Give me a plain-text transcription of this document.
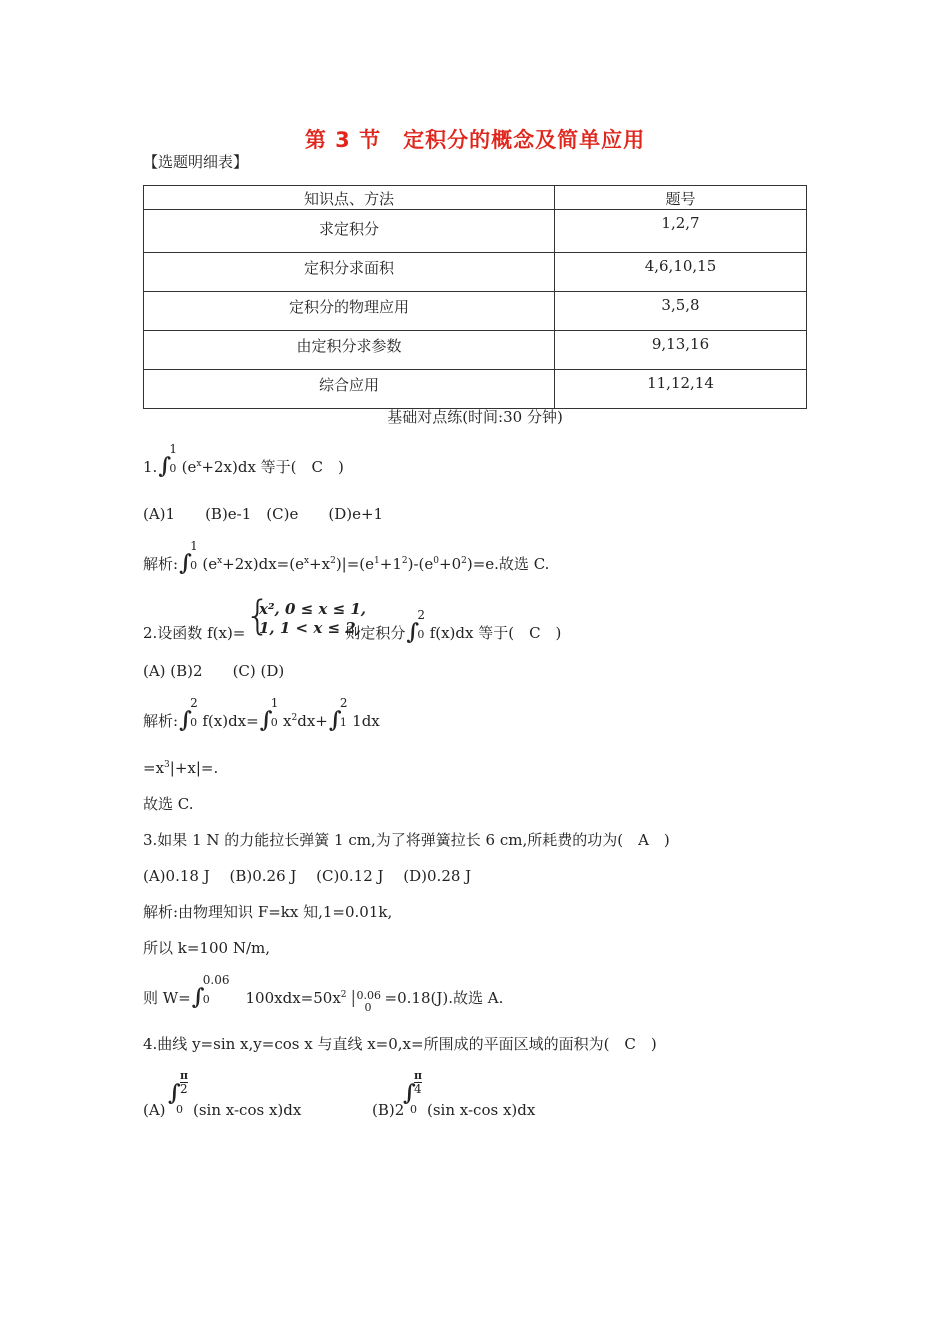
第 3 节　定积分的概念及简单应用
【选题明细表】
知识点、方法	题号
求定积分	1,2,7
定积分求面积	4,6,10,15
定积分的物理应用	3,5,8
由定积分求参数	9,13,16
综合应用	11,12,14
基础对点练(时间:30 分钟)
1.∫
1
0 $(e^x+2x)dx$ 等于(　C　)
(A)1　　(B)e-1　(C)e　　(D)e+1
解析:∫
1
0 $(e^x+2x)dx=(e^x+x^2)|=(e^1+1^2)-(e^0+0^2)=e$.故选 C.
2.设函数 f(x)=	则定积分∫
2
0 f(x)dx 等于(　C　)
{
x², 0 ≤ x ≤ 1,
1, 1 < x ≤ 2,
(A) (B)2　　(C) (D)
解析:∫
2
0 f(x)dx=∫
1
0 $x^2dx+\int$
2
1 1dx
$=x^3|+x|=$.
故选 C.
3.如果 1 N 的力能拉长弹簧 1 cm,为了将弹簧拉长 6 cm,所耗费的功为(　A　)
(A)0.18 J　 (B)0.26 J　 (C)0.12 J　 (D)0.28 J
解析:由物理知识 F=kx 知,1=0.01k,
所以 k=100 N/m,
则 W=∫
0.06
0 $100xdx=50x^2$ | 0.06
0
=0.18(J).故选 A.
4.曲线 y=sin x,y=cos x 与直线 x=0,x=所围成的平面区域的面积为(　C　)
(A)
∫
π
2
0 (sin x-cos x)dx	(B)2
∫
π
4
0 (sin x-cos x)dx
